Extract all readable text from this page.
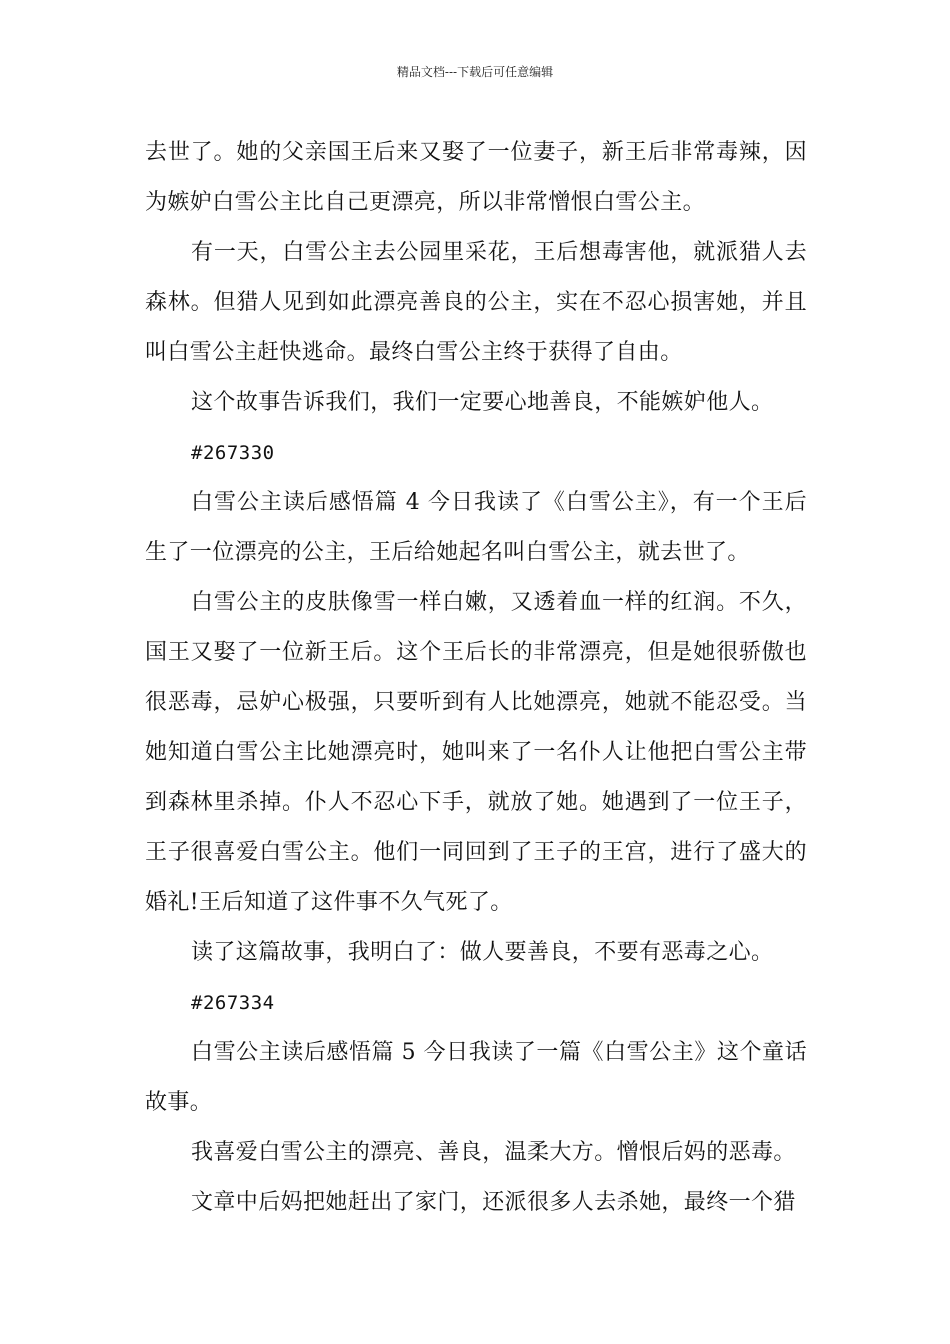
精品文档---下载后可任意编辑

去世了。她的父亲国王后来又娶了一位妻子，新王后非常毒辣，因为嫉妒白雪公主比自己更漂亮，所以非常憎恨白雪公主。

有一天，白雪公主去公园里采花，王后想毒害他，就派猎人去森林。但猎人见到如此漂亮善良的公主，实在不忍心损害她，并且叫白雪公主赶快逃命。最终白雪公主终于获得了自由。

这个故事告诉我们，我们一定要心地善良，不能嫉妒他人。

#267330

白雪公主读后感悟篇 4 今日我读了《白雪公主》，有一个王后生了一位漂亮的公主，王后给她起名叫白雪公主，就去世了。

白雪公主的皮肤像雪一样白嫩，又透着血一样的红润。不久，国王又娶了一位新王后。这个王后长的非常漂亮，但是她很骄傲也很恶毒，忌妒心极强，只要听到有人比她漂亮，她就不能忍受。当她知道白雪公主比她漂亮时，她叫来了一名仆人让他把白雪公主带到森林里杀掉。仆人不忍心下手，就放了她。她遇到了一位王子，王子很喜爱白雪公主。他们一同回到了王子的王宫，进行了盛大的婚礼!王后知道了这件事不久气死了。

读了这篇故事，我明白了：做人要善良，不要有恶毒之心。

#267334

白雪公主读后感悟篇 5 今日我读了一篇《白雪公主》这个童话故事。

我喜爱白雪公主的漂亮、善良，温柔大方。憎恨后妈的恶毒。

文章中后妈把她赶出了家门，还派很多人去杀她，最终一个猎
